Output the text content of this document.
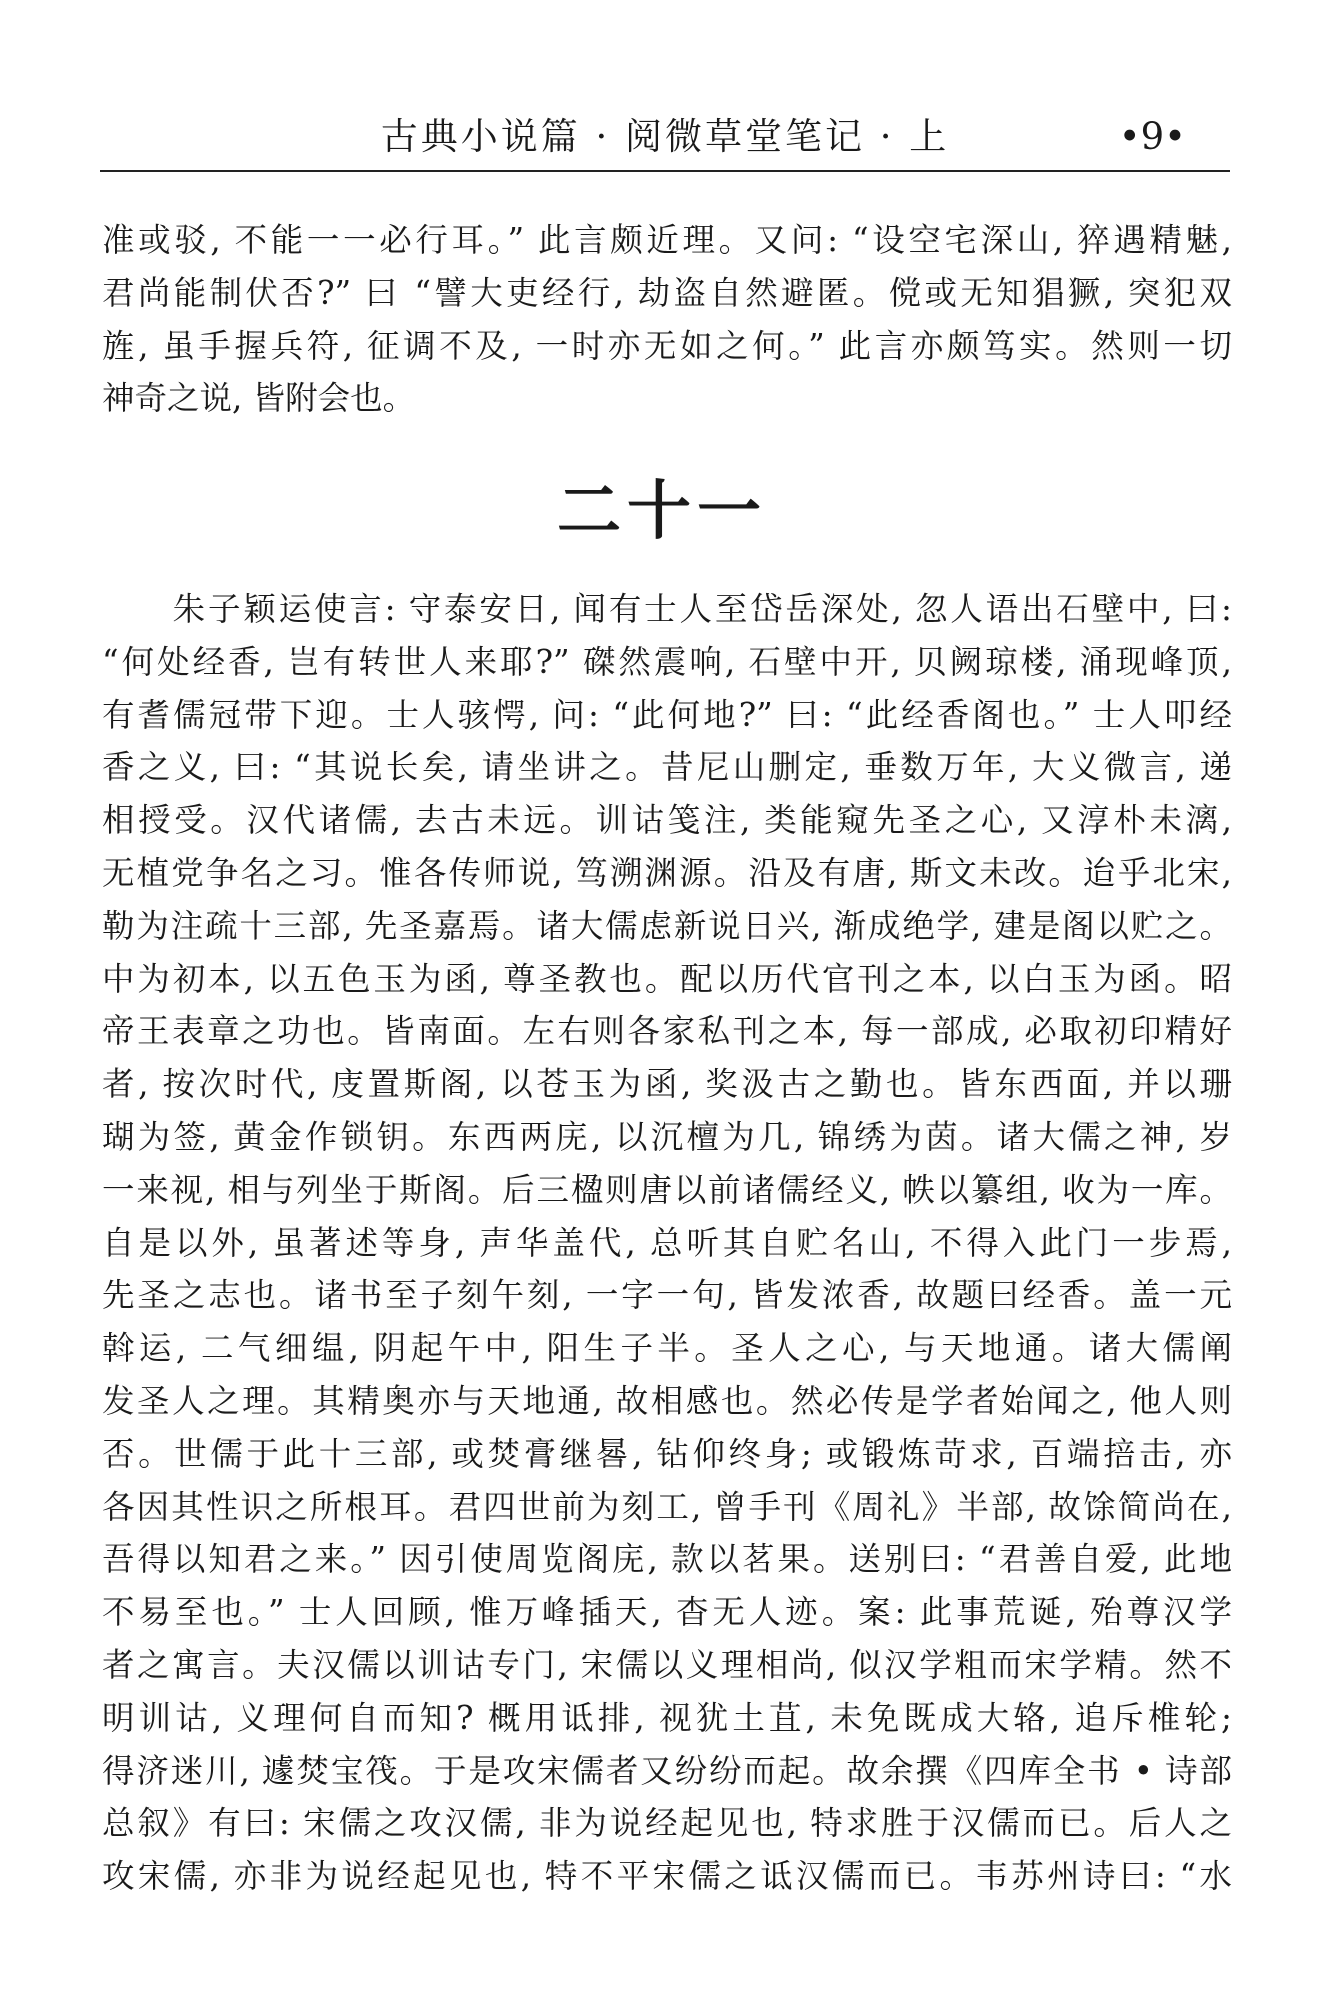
古典小说篇 · 阅微草堂笔记 · 上	•9•
准或驳, 不能一一必行耳。” 此言颇近理。又问: “设空宅深山, 猝遇精魅,
君尚能制伏否?” 曰 “譬大吏经行, 劫盗自然避匿。傥或无知猖獗, 突犯双
旌, 虽手握兵符, 征调不及, 一时亦无如之何。” 此言亦颇笃实。然则一切
神奇之说, 皆附会也。
二十一
　　朱子颖运使言: 守泰安日, 闻有士人至岱岳深处, 忽人语出石壁中, 曰:
“何处经香, 岂有转世人来耶?” 磔然震响, 石壁中开, 贝阙琼楼, 涌现峰顶,
有耆儒冠带下迎。士人骇愕, 问: “此何地?” 曰: “此经香阁也。” 士人叩经
香之义, 曰: “其说长矣, 请坐讲之。昔尼山删定, 垂数万年, 大义微言, 递
相授受。汉代诸儒, 去古未远。训诂笺注, 类能窥先圣之心, 又淳朴未漓,
无植党争名之习。惟各传师说, 笃溯渊源。沿及有唐, 斯文未改。迨乎北宋,
勒为注疏十三部, 先圣嘉焉。诸大儒虑新说日兴, 渐成绝学, 建是阁以贮之。
中为初本, 以五色玉为函, 尊圣教也。配以历代官刊之本, 以白玉为函。昭
帝王表章之功也。皆南面。左右则各家私刊之本, 每一部成, 必取初印精好
者, 按次时代, 庋置斯阁, 以苍玉为函, 奖汲古之勤也。皆东西面, 并以珊
瑚为签, 黄金作锁钥。东西两庑, 以沉檀为几, 锦绣为茵。诸大儒之神, 岁
一来视, 相与列坐于斯阁。后三楹则唐以前诸儒经义, 帙以纂组, 收为一库。
自是以外, 虽著述等身, 声华盖代, 总听其自贮名山, 不得入此门一步焉,
先圣之志也。诸书至子刻午刻, 一字一句, 皆发浓香, 故题曰经香。盖一元
斡运, 二气细缊, 阴起午中, 阳生子半。圣人之心, 与天地通。诸大儒阐
发圣人之理。其精奥亦与天地通, 故相感也。然必传是学者始闻之, 他人则
否。世儒于此十三部, 或焚膏继晷, 钻仰终身; 或锻炼苛求, 百端掊击, 亦
各因其性识之所根耳。君四世前为刻工, 曾手刊《周礼》半部, 故馀简尚在,
吾得以知君之来。” 因引使周览阁庑, 款以茗果。送别曰: “君善自爱, 此地
不易至也。” 士人回顾, 惟万峰插天, 杳无人迹。案: 此事荒诞, 殆尊汉学
者之寓言。夫汉儒以训诂专门, 宋儒以义理相尚, 似汉学粗而宋学精。然不
明训诂, 义理何自而知? 概用诋排, 视犹土苴, 未免既成大辂, 追斥椎轮;
得济迷川, 遽焚宝筏。于是攻宋儒者又纷纷而起。故余撰《四库全书 • 诗部
总叙》有曰: 宋儒之攻汉儒, 非为说经起见也, 特求胜于汉儒而已。后人之
攻宋儒, 亦非为说经起见也, 特不平宋儒之诋汉儒而已。韦苏州诗曰: “水
